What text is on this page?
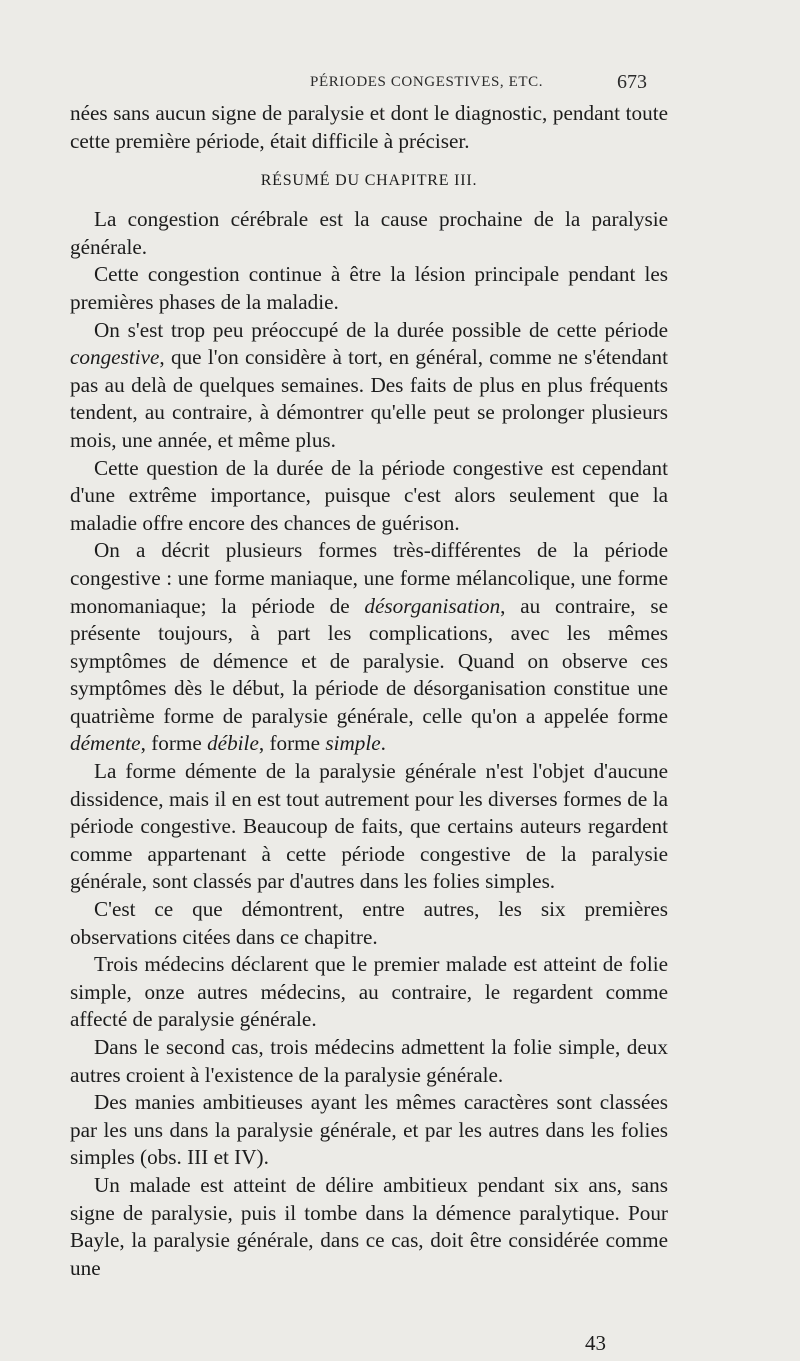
PÉRIODES CONGESTIVES, ETC.	673

nées sans aucun signe de paralysie et dont le diagnostic, pendant toute cette première période, était difficile à préciser.

RÉSUMÉ DU CHAPITRE III.

La congestion cérébrale est la cause prochaine de la paralysie générale.

Cette congestion continue à être la lésion principale pendant les premières phases de la maladie.

On s'est trop peu préoccupé de la durée possible de cette période congestive, que l'on considère à tort, en général, comme ne s'étendant pas au delà de quelques semaines. Des faits de plus en plus fréquents tendent, au contraire, à démontrer qu'elle peut se prolonger plusieurs mois, une année, et même plus.

Cette question de la durée de la période congestive est cependant d'une extrême importance, puisque c'est alors seulement que la maladie offre encore des chances de guérison.

On a décrit plusieurs formes très-différentes de la période congestive : une forme maniaque, une forme mélancolique, une forme monomaniaque; la période de désorganisation, au contraire, se présente toujours, à part les complications, avec les mêmes symptômes de démence et de paralysie. Quand on observe ces symptômes dès le début, la période de désorganisation constitue une quatrième forme de paralysie générale, celle qu'on a appelée forme démente, forme débile, forme simple.

La forme démente de la paralysie générale n'est l'objet d'aucune dissidence, mais il en est tout autrement pour les diverses formes de la période congestive. Beaucoup de faits, que certains auteurs regardent comme appartenant à cette période congestive de la paralysie générale, sont classés par d'autres dans les folies simples.

C'est ce que démontrent, entre autres, les six premières observations citées dans ce chapitre.

Trois médecins déclarent que le premier malade est atteint de folie simple, onze autres médecins, au contraire, le regardent comme affecté de paralysie générale.

Dans le second cas, trois médecins admettent la folie simple, deux autres croient à l'existence de la paralysie générale.

Des manies ambitieuses ayant les mêmes caractères sont classées par les uns dans la paralysie générale, et par les autres dans les folies simples (obs. III et IV).

Un malade est atteint de délire ambitieux pendant six ans, sans signe de paralysie, puis il tombe dans la démence paralytique. Pour Bayle, la paralysie générale, dans ce cas, doit être considérée comme une

43
